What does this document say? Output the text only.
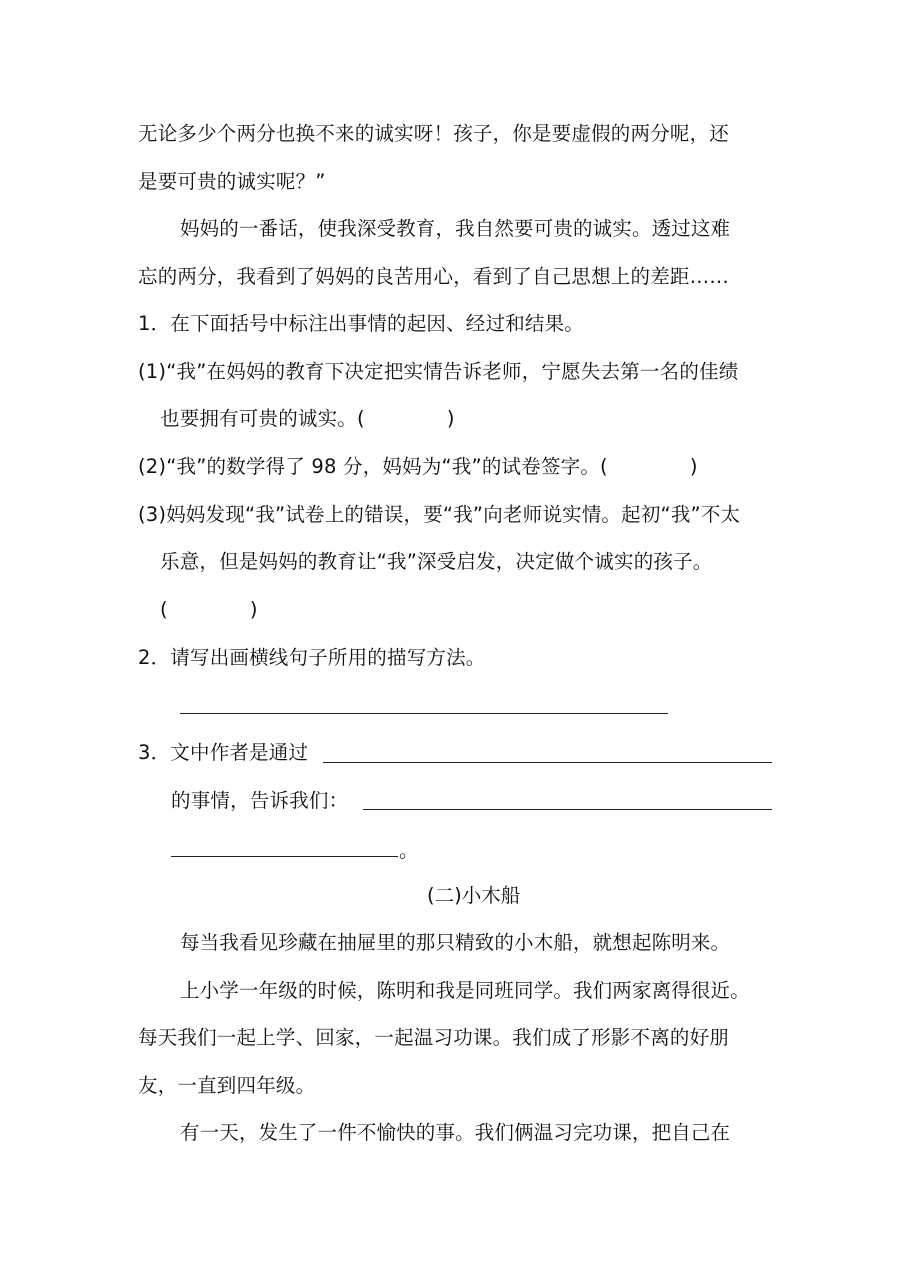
无论多少个两分也换不来的诚实呀！孩子，你是要虚假的两分呢，还
是要可贵的诚实呢？”
妈妈的一番话，使我深受教育，我自然要可贵的诚实。透过这难
忘的两分，我看到了妈妈的良苦用心，看到了自己思想上的差距……
1．在下面括号中标注出事情的起因、经过和结果。
(1)“我”在妈妈的教育下决定把实情告诉老师，宁愿失去第一名的佳绩
也要拥有可贵的诚实。(	)
(2)“我”的数学得了 98 分，妈妈为“我”的试卷签字。(	)
(3)妈妈发现“我”试卷上的错误，要“我”向老师说实情。起初“我”不太
乐意，但是妈妈的教育让“我”深受启发，决定做个诚实的孩子。
(	)
2．请写出画横线句子所用的描写方法。
3．文中作者是通过
的事情，告诉我们：
。
(二)小木船
每当我看见珍藏在抽屉里的那只精致的小木船，就想起陈明来。
上小学一年级的时候，陈明和我是同班同学。我们两家离得很近。
每天我们一起上学、回家，一起温习功课。我们成了形影不离的好朋
友，一直到四年级。
有一天，发生了一件不愉快的事。我们俩温习完功课，把自己在
